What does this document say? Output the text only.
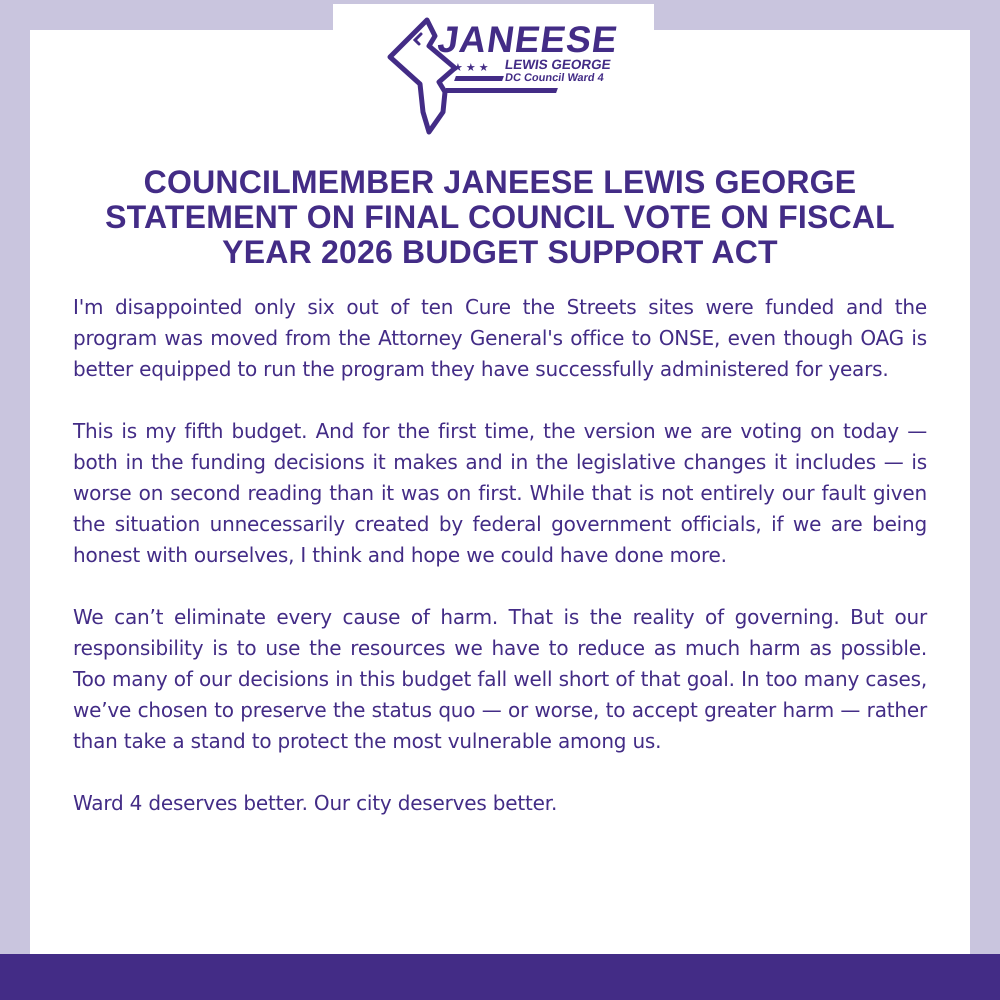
JANEESE
★★★ LEWIS GEORGE
DC Council Ward 4
COUNCILMEMBER JANEESE LEWIS GEORGE STATEMENT ON FINAL COUNCIL VOTE ON FISCAL YEAR 2026 BUDGET SUPPORT ACT

I'm disappointed only six out of ten Cure the Streets sites were funded and the program was moved from the Attorney General's office to ONSE, even though OAG is better equipped to run the program they have successfully administered for years.

This is my fifth budget. And for the first time, the version we are voting on today — both in the funding decisions it makes and in the legislative changes it includes — is worse on second reading than it was on first. While that is not entirely our fault given the situation unnecessarily created by federal government officials, if we are being honest with ourselves, I think and hope we could have done more.

We can’t eliminate every cause of harm. That is the reality of governing. But our responsibility is to use the resources we have to reduce as much harm as possible. Too many of our decisions in this budget fall well short of that goal. In too many cases, we’ve chosen to preserve the status quo — or worse, to accept greater harm — rather than take a stand to protect the most vulnerable among us.

Ward 4 deserves better. Our city deserves better.
